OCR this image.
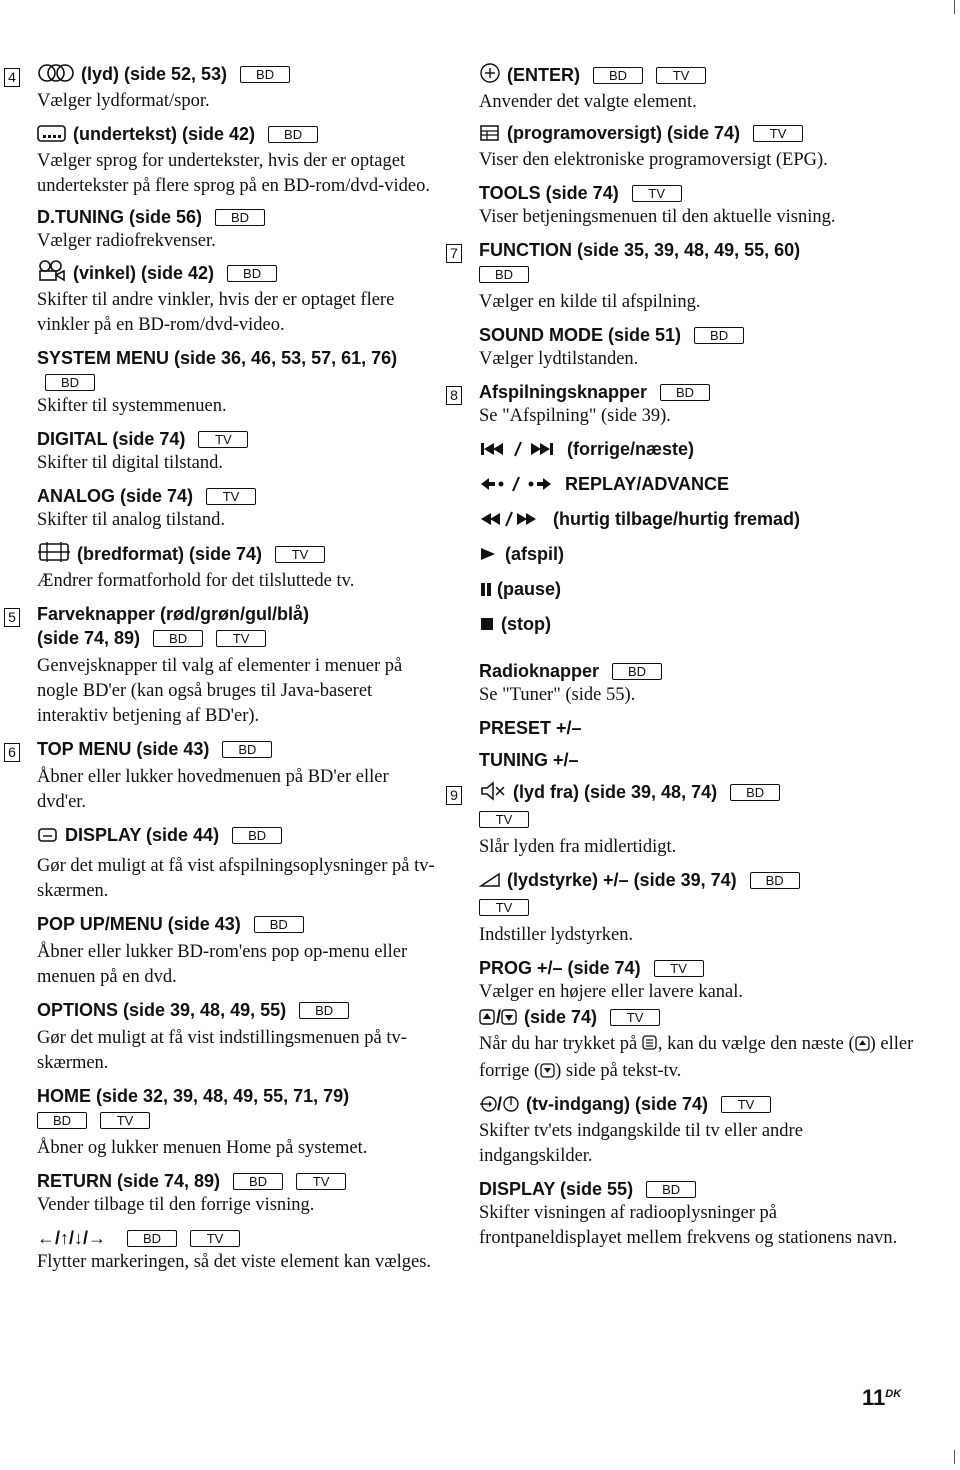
4	(lyd) (side 52, 53) BD
Vælger lydformat/spor.
(undertekst) (side 42) BD
Vælger sprog for undertekster, hvis der er optaget undertekster på flere sprog på en BD-rom/dvd-video.
D.TUNING (side 56) BD
Vælger radiofrekvenser.
(vinkel) (side 42) BD
Skifter til andre vinkler, hvis der er optaget flere vinkler på en BD-rom/dvd-video.
SYSTEM MENU (side 36, 46, 53, 57, 61, 76) BD
Skifter til systemmenuen.
DIGITAL (side 74) TV
Skifter til digital tilstand.
ANALOG (side 74) TV
Skifter til analog tilstand.
(bredformat) (side 74) TV
Ændrer formatforhold for det tilsluttede tv.
5 Farveknapper (rød/grøn/gul/blå)
(side 74, 89) BD	TV
Genvejsknapper til valg af elementer i menuer på nogle BD'er (kan også bruges til Java-baseret interaktiv betjening af BD'er).
6 TOP MENU (side 43) BD
Åbner eller lukker hovedmenuen på BD'er eller dvd'er.
DISPLAY (side 44) BD
Gør det muligt at få vist afspilningsoplysninger på tv-skærmen.
POP UP/MENU (side 43) BD
Åbner eller lukker BD-rom'ens pop op-menu eller menuen på en dvd.
OPTIONS (side 39, 48, 49, 55) BD
Gør det muligt at få vist indstillingsmenuen på tv-skærmen.
HOME (side 32, 39, 48, 49, 55, 71, 79)
BD	TV
Åbner og lukker menuen Home på systemet.
RETURN (side 74, 89) BD	TV
Vender tilbage til den forrige visning.
←/↑/↓/→	BD	TV
Flytter markeringen, så det viste element kan vælges.
(ENTER) BD	TV
Anvender det valgte element.
(programoversigt) (side 74) TV
Viser den elektroniske programoversigt (EPG).
TOOLS (side 74) TV
Viser betjeningsmenuen til den aktuelle visning.
7 FUNCTION (side 35, 39, 48, 49, 55, 60)
BD
Vælger en kilde til afspilning.
SOUND MODE (side 51) BD
Vælger lydtilstanden.
8 Afspilningsknapper BD
Se "Afspilning" (side 39).
(forrige/næste)
REPLAY/ADVANCE
(hurtig tilbage/hurtig fremad)
(afspil)
(pause)
(stop)
Radioknapper BD
Se "Tuner" (side 55).
PRESET +/–
TUNING +/–
9	(lyd fra) (side 39, 48, 74) BD
TV
Slår lyden fra midlertidigt.
(lydstyrke) +/– (side 39, 74) BD
TV
Indstiller lydstyrken.
PROG +/– (side 74) TV
Vælger en højere eller lavere kanal.
/ (side 74) TV
Når du har trykket på , kan du vælge den næste ( ) eller forrige ( ) side på tekst-tv.
/ (tv-indgang) (side 74) TV
Skifter tv'ets indgangskilde til tv eller andre indgangskilder.
DISPLAY (side 55) BD
Skifter visningen af radiooplysninger på frontpaneldisplayet mellem frekvens og stationens navn.
$11^{DK}$
